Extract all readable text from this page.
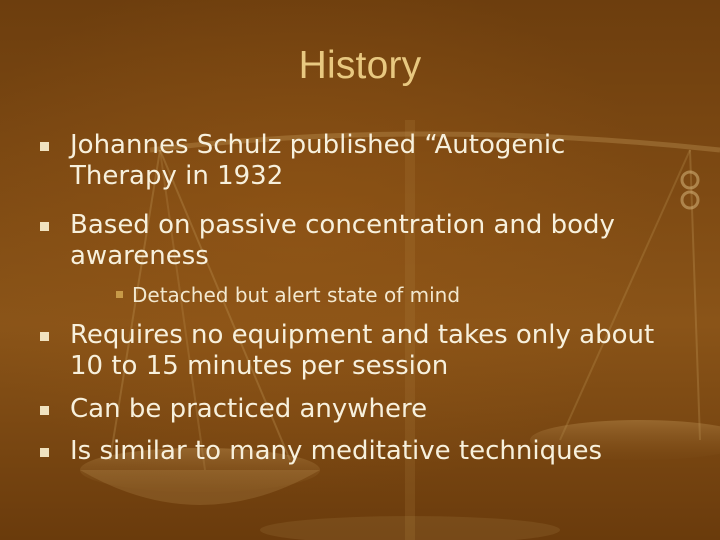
History
Johannes Schulz published “Autogenic Therapy in 1932
Based on passive concentration and body awareness
Detached but alert state of mind
Requires no equipment and takes only about 10 to 15 minutes per session
Can be practiced anywhere
Is similar to many meditative techniques
